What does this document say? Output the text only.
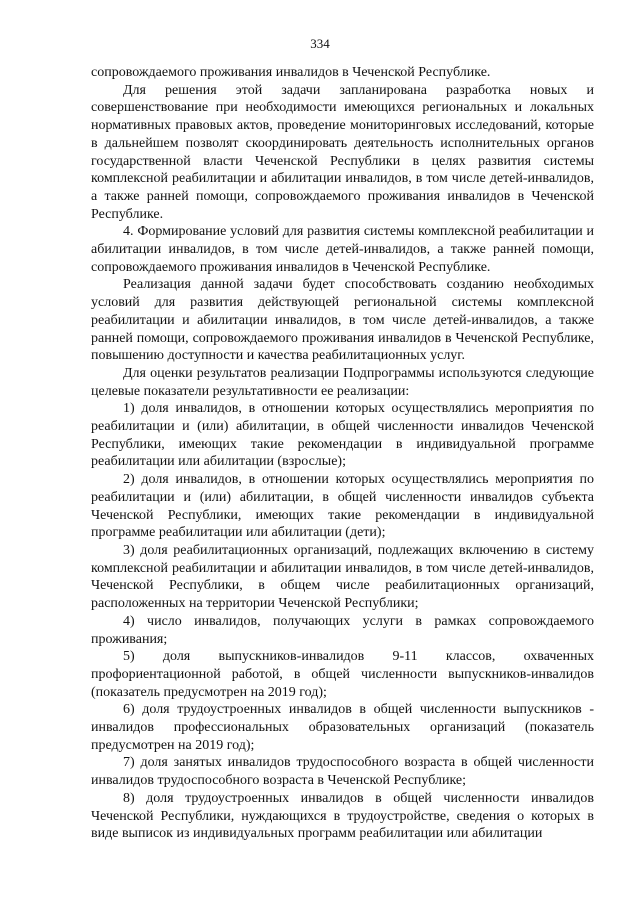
334

сопровождаемого проживания инвалидов в Чеченской Республике.

Для решения этой задачи запланирована разработка новых и совершенствование при необходимости имеющихся региональных и локальных нормативных правовых актов, проведение мониторинговых исследований, которые в дальнейшем позволят скоординировать деятельность исполнительных органов государственной власти Чеченской Республики в целях развития системы комплексной реабилитации и абилитации инвалидов, в том числе детей-инвалидов, а также ранней помощи, сопровождаемого проживания инвалидов в Чеченской Республике.

4. Формирование условий для развития системы комплексной реабилитации и абилитации инвалидов, в том числе детей-инвалидов, а также ранней помощи, сопровождаемого проживания инвалидов в Чеченской Республике.

Реализация данной задачи будет способствовать созданию необходимых условий для развития действующей региональной системы комплексной реабилитации и абилитации инвалидов, в том числе детей-инвалидов, а также ранней помощи, сопровождаемого проживания инвалидов в Чеченской Республике, повышению доступности и качества реабилитационных услуг.

Для оценки результатов реализации Подпрограммы используются следующие целевые показатели результативности ее реализации:

1) доля инвалидов, в отношении которых осуществлялись мероприятия по реабилитации и (или) абилитации, в общей численности инвалидов Чеченской Республики, имеющих такие рекомендации в индивидуальной программе реабилитации или абилитации (взрослые);

2) доля инвалидов, в отношении которых осуществлялись мероприятия по реабилитации и (или) абилитации, в общей численности инвалидов субъекта Чеченской Республики, имеющих такие рекомендации в индивидуальной программе реабилитации или абилитации (дети);

3) доля реабилитационных организаций, подлежащих включению в систему комплексной реабилитации и абилитации инвалидов, в том числе детей-инвалидов, Чеченской Республики, в общем числе реабилитационных организаций, расположенных на территории Чеченской Республики;

4) число инвалидов, получающих услуги в рамках сопровождаемого проживания;

5) доля выпускников-инвалидов 9-11 классов, охваченных профориентационной работой, в общей численности выпускников-инвалидов (показатель предусмотрен на 2019 год);

6) доля трудоустроенных инвалидов в общей численности выпускников - инвалидов профессиональных образовательных организаций (показатель предусмотрен на 2019 год);

7) доля занятых инвалидов трудоспособного возраста в общей численности инвалидов трудоспособного возраста в Чеченской Республике;

8) доля трудоустроенных инвалидов в общей численности инвалидов Чеченской Республики, нуждающихся в трудоустройстве, сведения о которых в виде выписок из индивидуальных программ реабилитации или абилитации
